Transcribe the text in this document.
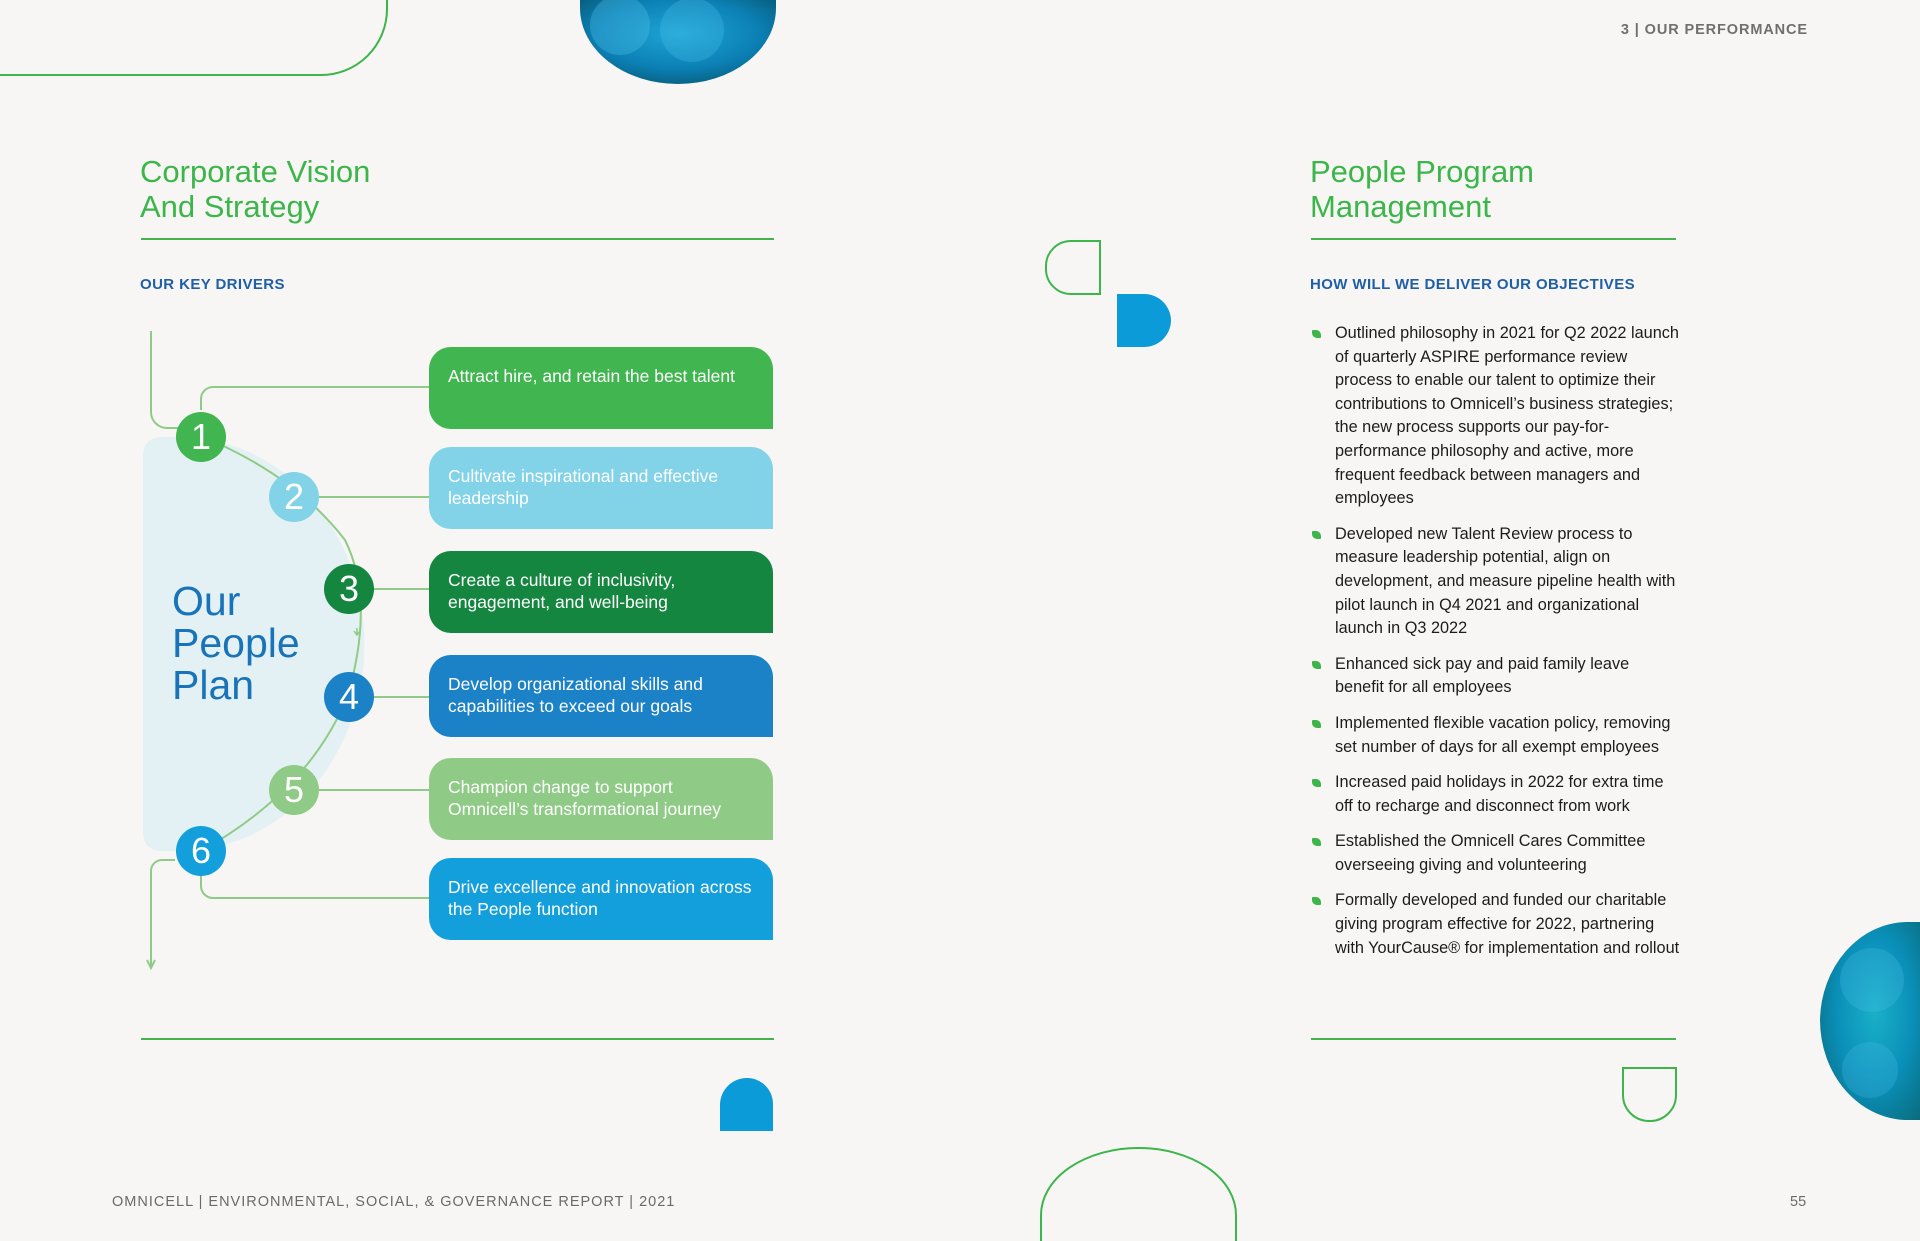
3 | OUR PERFORMANCE
Corporate Vision
And Strategy
OUR KEY DRIVERS
1
2
3
4
5
6
Our People Plan
Attract hire, and retain the best talent
Cultivate inspirational and effective leadership
Create a culture of inclusivity, engagement, and well-being
Develop organizational skills and capabilities to exceed our goals
Champion change to support Omnicell’s transformational journey
Drive excellence and innovation across the People function
People Program
Management
HOW WILL WE DELIVER OUR OBJECTIVES
Outlined philosophy in 2021 for Q2 2022 launch of quarterly ASPIRE performance review process to enable our talent to optimize their contributions to Omnicell’s business strategies; the new process supports our pay-for-performance philosophy and active, more frequent feedback between managers and employees
Developed new Talent Review process to measure leadership potential, align on development, and measure pipeline health with pilot launch in Q4 2021 and organizational launch in Q3 2022
Enhanced sick pay and paid family leave benefit for all employees
Implemented flexible vacation policy, removing set number of days for all exempt employees
Increased paid holidays in 2022 for extra time off to recharge and disconnect from work
Established the Omnicell Cares Committee overseeing giving and volunteering
Formally developed and funded our charitable giving program effective for 2022, partnering with YourCause® for implementation and rollout
OMNICELL | ENVIRONMENTAL, SOCIAL, & GOVERNANCE REPORT | 2021	55
